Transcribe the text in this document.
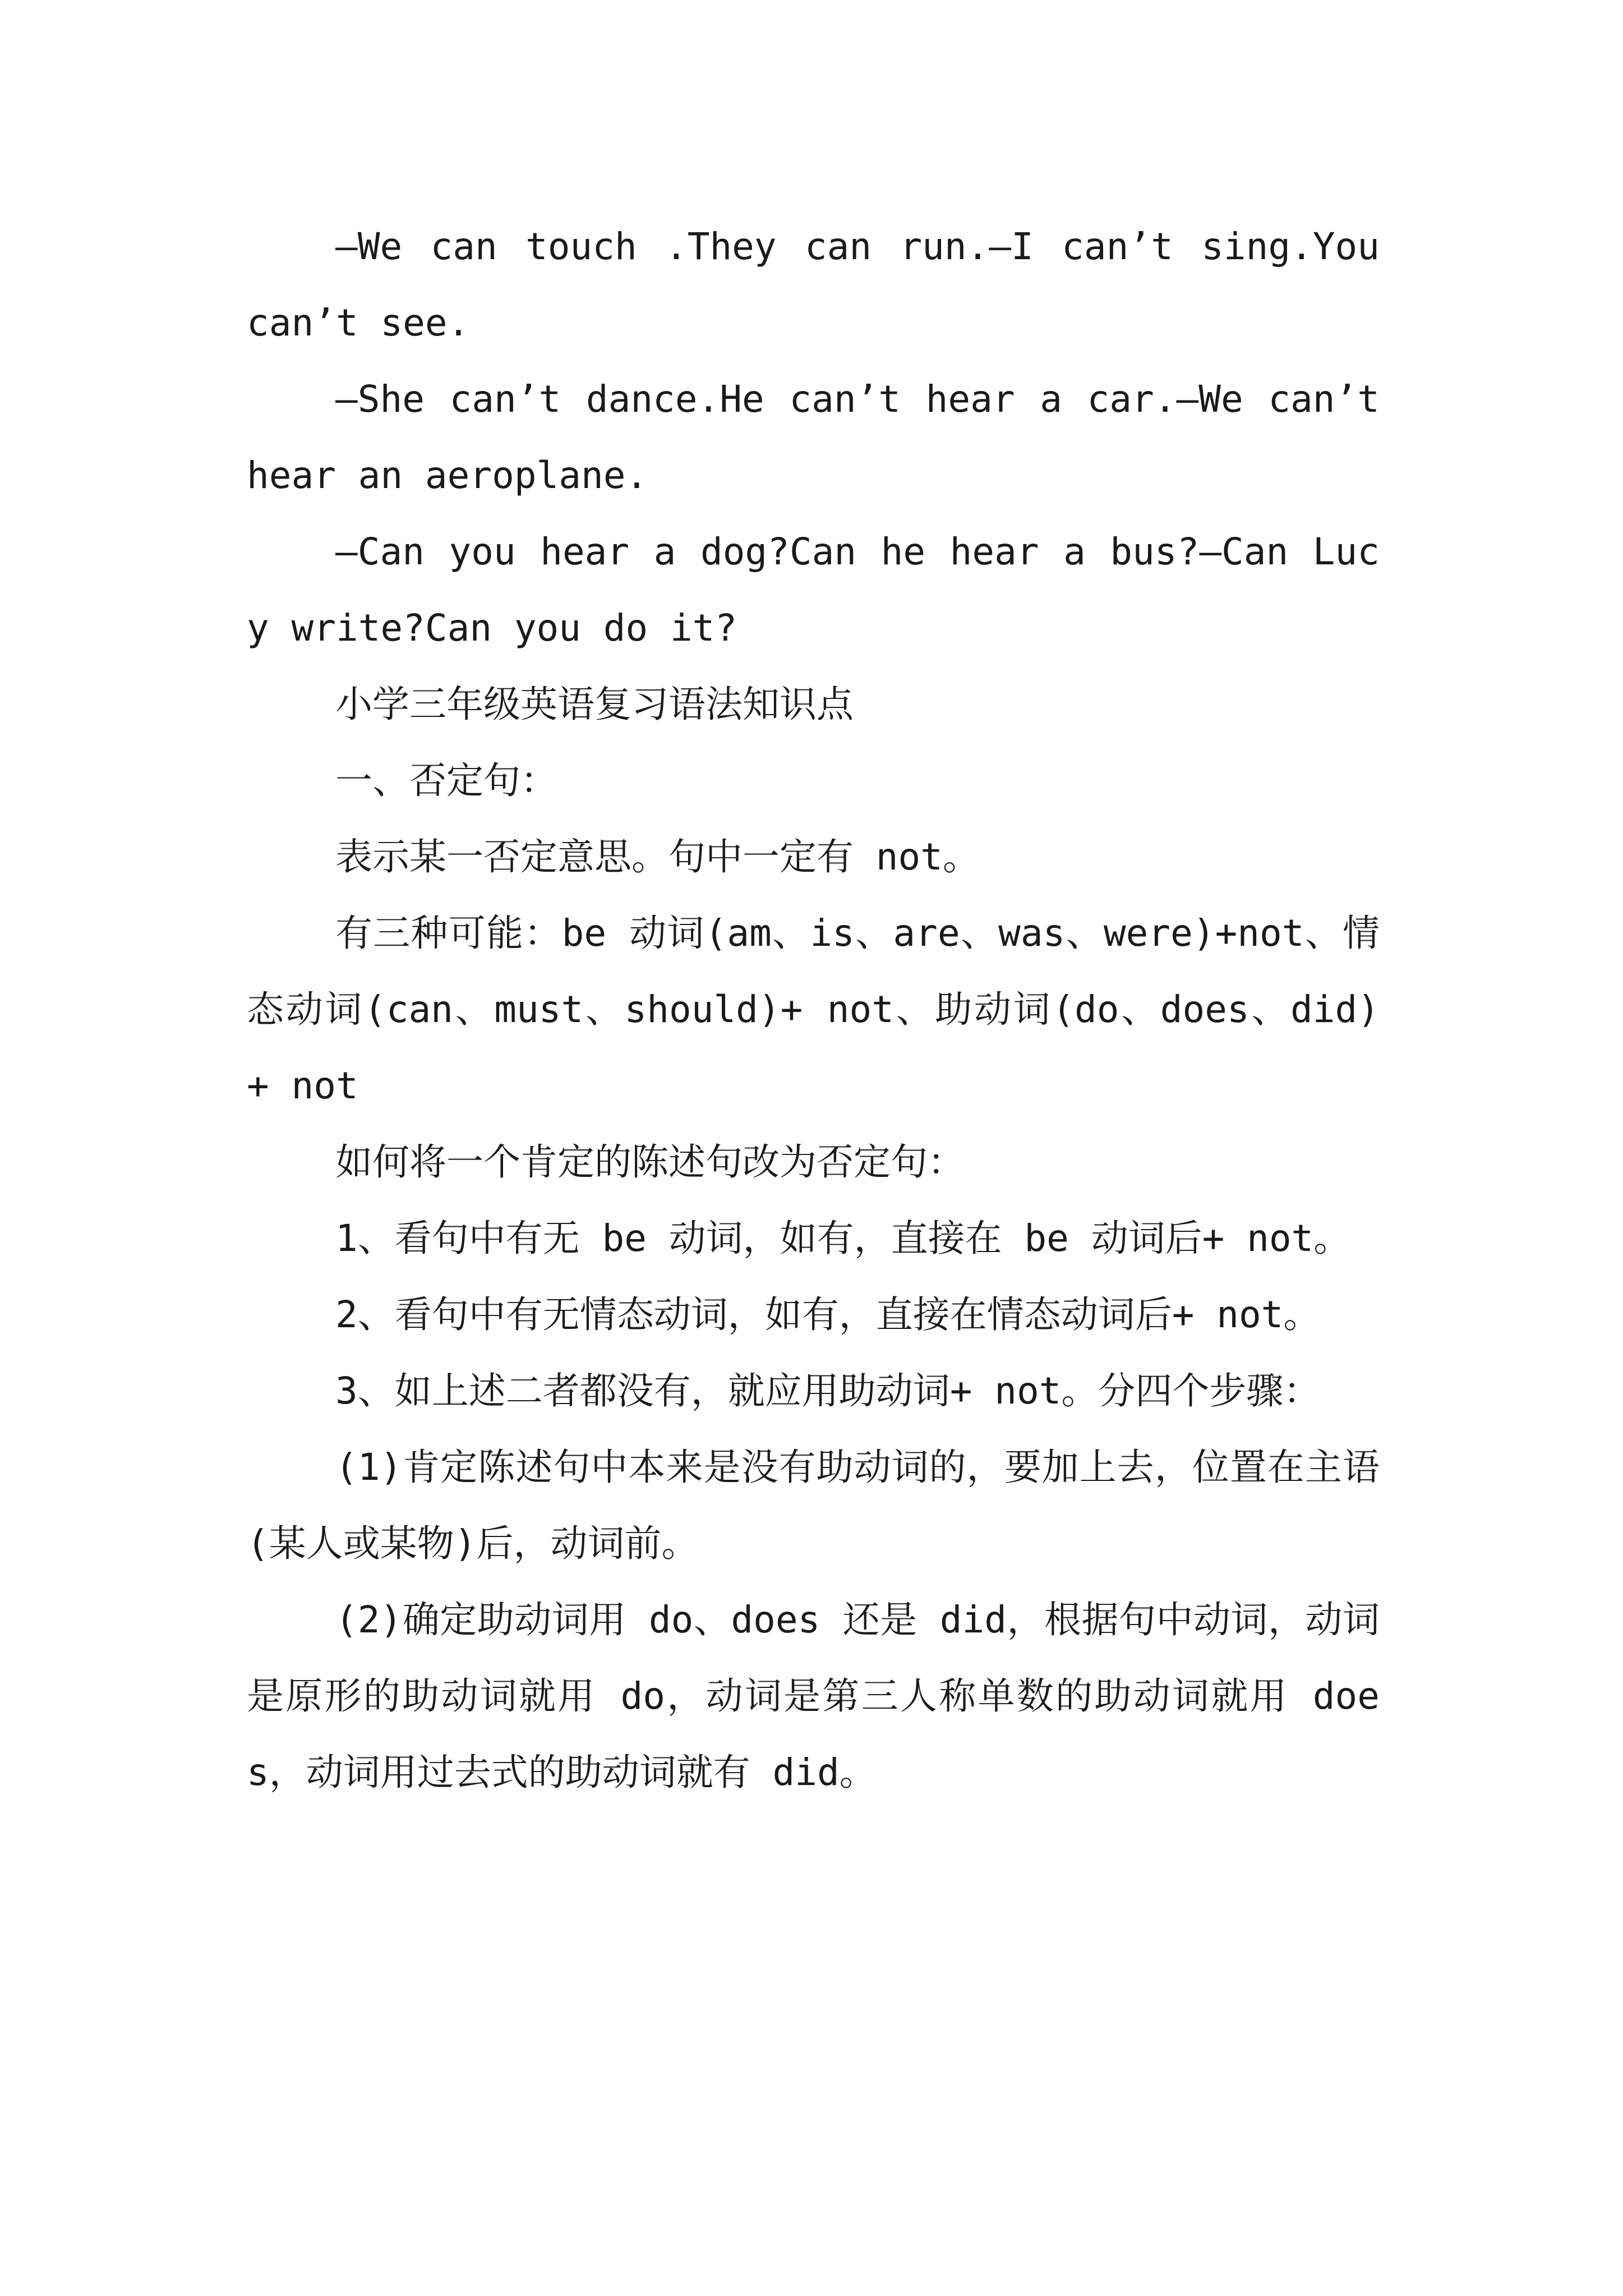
—We can touch .They can run.—I can’t sing.You can’t see.

—She can’t dance.He can’t hear a car.—We can’t hear an aeroplane.

—Can you hear a dog?Can he hear a bus?—Can Lucy write?Can you do it?

小学三年级英语复习语法知识点

一、否定句：

表示某一否定意思。句中一定有 not。

有三种可能：be 动词(am、is、are、was、were)+not、情态动词(can、must、should)+ not、助动词(do、does、did) + not

如何将一个肯定的陈述句改为否定句：

1、看句中有无 be 动词，如有，直接在 be 动词后+ not。

2、看句中有无情态动词，如有，直接在情态动词后+ not。

3、如上述二者都没有，就应用助动词+ not。分四个步骤：

(1)肯定陈述句中本来是没有助动词的，要加上去，位置在主语(某人或某物)后，动词前。

(2)确定助动词用 do、does 还是 did，根据句中动词，动词是原形的助动词就用 do，动词是第三人称单数的助动词就用 does，动词用过去式的助动词就有 did。
